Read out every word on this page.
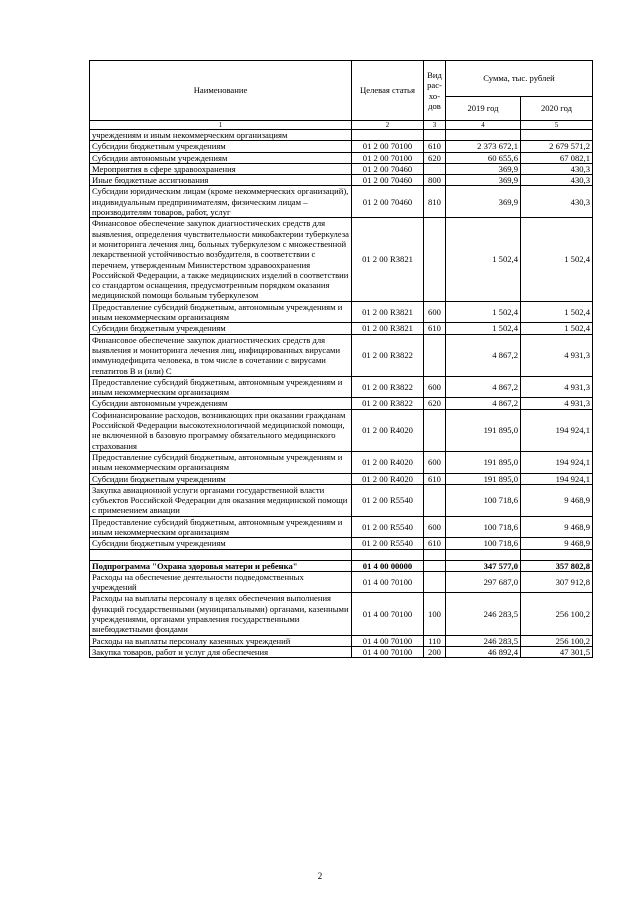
Наименование	Целевая статья	Вид рас-хо-дов	Сумма, тыс. рублей	
			2019 год	2020 год
1	2	3	4	5
учреждениям и иным некоммерческим организациям				
Субсидии бюджетным учреждениям	01 2 00 70100	610	2 373 672,1	2 679 571,2
Субсидии автономным учреждениям	01 2 00 70100	620	60 655,6	67 082,1
Мероприятия в сфере здравоохранения	01 2 00 70460		369,9	430,3
Иные бюджетные ассигнования	01 2 00 70460	800	369,9	430,3
Субсидии юридическим лицам (кроме некоммерческих организаций), индивидуальным предпринимателям, физическим лицам – производителям товаров, работ, услуг	01 2 00 70460	810	369,9	430,3
Финансовое обеспечение закупок диагностических средств для выявления, определения чувствительности микобактерии туберкулеза и мониторинга лечения лиц, больных туберкулезом с множественной лекарственной устойчивостью возбудителя, в соответствии с перечнем, утвержденным Министерством здравоохранения Российской Федерации, а также медицинских изделий в соответствии со стандартом оснащения, предусмотренным порядком оказания медицинской помощи больным туберкулезом	01 2 00 R3821		1 502,4	1 502,4
Предоставление субсидий бюджетным, автономным учреждениям и иным некоммерческим организациям	01 2 00 R3821	600	1 502,4	1 502,4
Субсидии бюджетным учреждениям	01 2 00 R3821	610	1 502,4	1 502,4
Финансовое обеспечение закупок диагностических средств для выявления и мониторинга лечения лиц, инфицированных вирусами иммунодефицита человека, в том числе в сочетании с вирусами гепатитов В и (или) С	01 2 00 R3822		4 867,2	4 931,3
Предоставление субсидий бюджетным, автономным учреждениям и иным некоммерческим организациям	01 2 00 R3822	600	4 867,2	4 931,3
Субсидии автономным учреждениям	01 2 00 R3822	620	4 867,2	4 931,3
Софинансирование расходов, возникающих при оказании гражданам Российской Федерации высокотехнологичной медицинской помощи, не включенной в базовую программу обязательного медицинского страхования	01 2 00 R4020		191 895,0	194 924,1
Предоставление субсидий бюджетным, автономным учреждениям и иным некоммерческим организациям	01 2 00 R4020	600	191 895,0	194 924,1
Субсидии бюджетным учреждениям	01 2 00 R4020	610	191 895,0	194 924,1
Закупка авиационной услуги органами государственной власти субъектов Российской Федерации для оказания медицинской помощи с применением авиации	01 2 00 R5540		100 718,6	9 468,9
Предоставление субсидий бюджетным, автономным учреждениям и иным некоммерческим организациям	01 2 00 R5540	600	100 718,6	9 468,9
Субсидии бюджетным учреждениям	01 2 00 R5540	610	100 718,6	9 468,9

Подпрограмма "Охрана здоровья матери и ребенка"	01 4 00 00000		347 577,0	357 802,8
Расходы на обеспечение деятельности подведомственных учреждений	01 4 00 70100		297 687,0	307 912,8
Расходы на выплаты персоналу в целях обеспечения выполнения функций государственными (муниципальными) органами, казенными учреждениями, органами управления государственными внебюджетными фондами	01 4 00 70100	100	246 283,5	256 100,2
Расходы на выплаты персоналу казенных учреждений	01 4 00 70100	110	246 283,5	256 100,2
Закупка товаров, работ и услуг для обеспечения	01 4 00 70100	200	46 892,4	47 301,5
2
